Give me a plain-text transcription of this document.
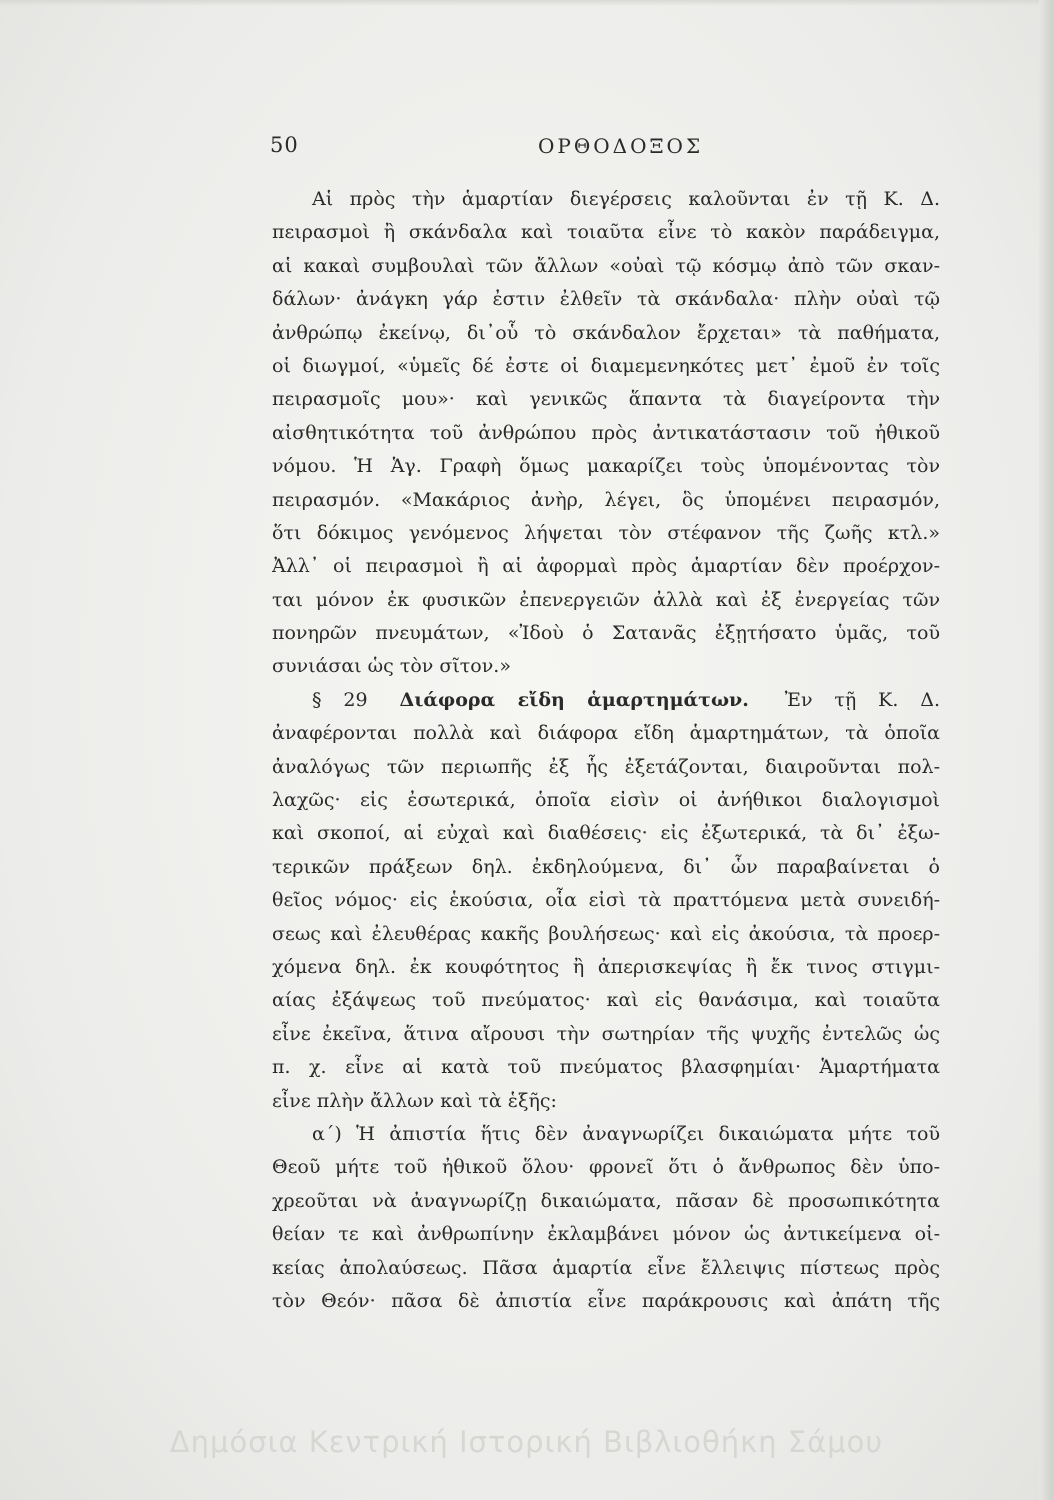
50	ΟΡΘΟΔΟΞΟΣ
Αἱ πρὸς τὴν ἁμαρτίαν διεγέρσεις καλοῦνται ἐν τῇ Κ. Δ.
πειρασμοὶ ἢ σκάνδαλα καὶ τοιαῦτα εἶνε τὸ κακὸν παράδειγμα,
αἱ κακαὶ συμβουλαὶ τῶν ἄλλων «οὐαὶ τῷ κόσμῳ ἀπὸ τῶν σκαν-
δάλων· ἀνάγκη γάρ ἐστιν ἐλθεῖν τὰ σκάνδαλα· πλὴν οὐαὶ τῷ
ἀνθρώπῳ ἐκείνῳ, δι᾽οὗ τὸ σκάνδαλον ἔρχεται» τὰ παθήματα,
οἱ διωγμοί, «ὑμεῖς δέ ἐστε οἱ διαμεμενηκότες μετ᾽ ἐμοῦ ἐν τοῖς
πειρασμοῖς μου»· καὶ γενικῶς ἅπαντα τὰ διαγείροντα τὴν
αἰσθητικότητα τοῦ ἀνθρώπου πρὸς ἀντικατάστασιν τοῦ ἠθικοῦ
νόμου. Ἡ Ἁγ. Γραφὴ ὅμως μακαρίζει τοὺς ὑπομένοντας τὸν
πειρασμόν. «Μακάριος ἀνὴρ, λέγει, ὃς ὑπομένει πειρασμόν,
ὅτι δόκιμος γενόμενος λήψεται τὸν στέφανον τῆς ζωῆς κτλ.»
Ἀλλ᾽ οἱ πειρασμοὶ ἢ αἱ ἀφορμαὶ πρὸς ἁμαρτίαν δὲν προέρχον-
ται μόνον ἐκ φυσικῶν ἐπενεργειῶν ἀλλὰ καὶ ἐξ ἐνεργείας τῶν
πονηρῶν πνευμάτων, «Ἰδοὺ ὁ Σατανᾶς ἐξῃτήσατο ὑμᾶς, τοῦ
συνιάσαι ὡς τὸν σῖτον.»
§ 29 Διάφορα εἴδη ἁμαρτημάτων. Ἐν τῇ Κ. Δ.
ἀναφέρονται πολλὰ καὶ διάφορα εἴδη ἁμαρτημάτων, τὰ ὁποῖα
ἀναλόγως τῶν περιωπῆς ἐξ ἧς ἐξετάζονται, διαιροῦνται πολ-
λαχῶς· εἰς ἐσωτερικά, ὁποῖα εἰσὶν οἱ ἀνήθικοι διαλογισμοὶ
καὶ σκοποί, αἱ εὐχαὶ καὶ διαθέσεις· εἰς ἐξωτερικά, τὰ δι᾽ ἐξω-
τερικῶν πράξεων δηλ. ἐκδηλούμενα, δι᾽ ὧν παραβαίνεται ὁ
θεῖος νόμος· εἰς ἑκούσια, οἷα εἰσὶ τὰ πραττόμενα μετὰ συνειδή-
σεως καὶ ἐλευθέρας κακῆς βουλήσεως· καὶ εἰς ἀκούσια, τὰ προερ-
χόμενα δηλ. ἐκ κουφότητος ἢ ἀπερισκεψίας ἢ ἔκ τινος στιγμι-
αίας ἐξάψεως τοῦ πνεύματος· καὶ εἰς θανάσιμα, καὶ τοιαῦτα
εἶνε ἐκεῖνα, ἅτινα αἴρουσι τὴν σωτηρίαν τῆς ψυχῆς ἐντελῶς ὡς
π. χ. εἶνε αἱ κατὰ τοῦ πνεύματος βλασφημίαι· Ἁμαρτήματα
εἶνε πλὴν ἄλλων καὶ τὰ ἑξῆς:
α´) Ἡ ἀπιστία ἥτις δὲν ἀναγνωρίζει δικαιώματα μήτε τοῦ
Θεοῦ μήτε τοῦ ἠθικοῦ ὅλου· φρονεῖ ὅτι ὁ ἄνθρωπος δὲν ὑπο-
χρεοῦται νὰ ἀναγνωρίζῃ δικαιώματα, πᾶσαν δὲ προσωπικότητα
θείαν τε καὶ ἀνθρωπίνην ἐκλαμβάνει μόνον ὡς ἀντικείμενα οἰ-
κείας ἀπολαύσεως. Πᾶσα ἁμαρτία εἶνε ἔλλειψις πίστεως πρὸς
τὸν Θεόν· πᾶσα δὲ ἀπιστία εἶνε παράκρουσις καὶ ἀπάτη τῆς
Δημόσια Κεντρική Ιστορική Βιβλιοθήκη Σάμου
